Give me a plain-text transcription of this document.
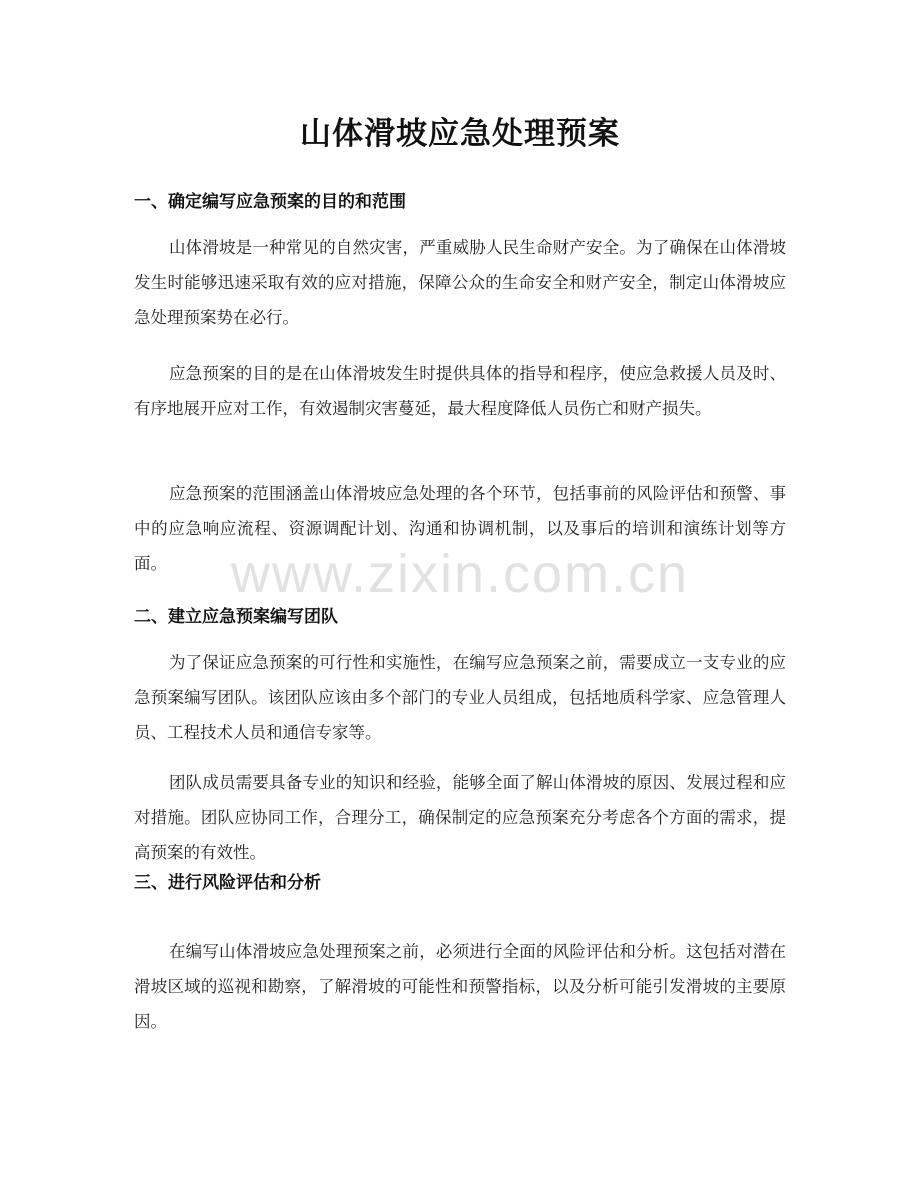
山体滑坡应急处理预案
一、确定编写应急预案的目的和范围

山体滑坡是一种常见的自然灾害，严重威胁人民生命财产安全。为了确保在山体滑坡发生时能够迅速采取有效的应对措施，保障公众的生命安全和财产安全，制定山体滑坡应急处理预案势在必行。

应急预案的目的是在山体滑坡发生时提供具体的指导和程序，使应急救援人员及时、有序地展开应对工作，有效遏制灾害蔓延，最大程度降低人员伤亡和财产损失。

应急预案的范围涵盖山体滑坡应急处理的各个环节，包括事前的风险评估和预警、事中的应急响应流程、资源调配计划、沟通和协调机制，以及事后的培训和演练计划等方面。

二、建立应急预案编写团队

为了保证应急预案的可行性和实施性，在编写应急预案之前，需要成立一支专业的应急预案编写团队。该团队应该由多个部门的专业人员组成，包括地质科学家、应急管理人员、工程技术人员和通信专家等。

团队成员需要具备专业的知识和经验，能够全面了解山体滑坡的原因、发展过程和应对措施。团队应协同工作，合理分工，确保制定的应急预案充分考虑各个方面的需求，提高预案的有效性。

三、进行风险评估和分析

在编写山体滑坡应急处理预案之前，必须进行全面的风险评估和分析。这包括对潜在滑坡区域的巡视和勘察，了解滑坡的可能性和预警指标，以及分析可能引发滑坡的主要原因。

www.zixin.com.cn
